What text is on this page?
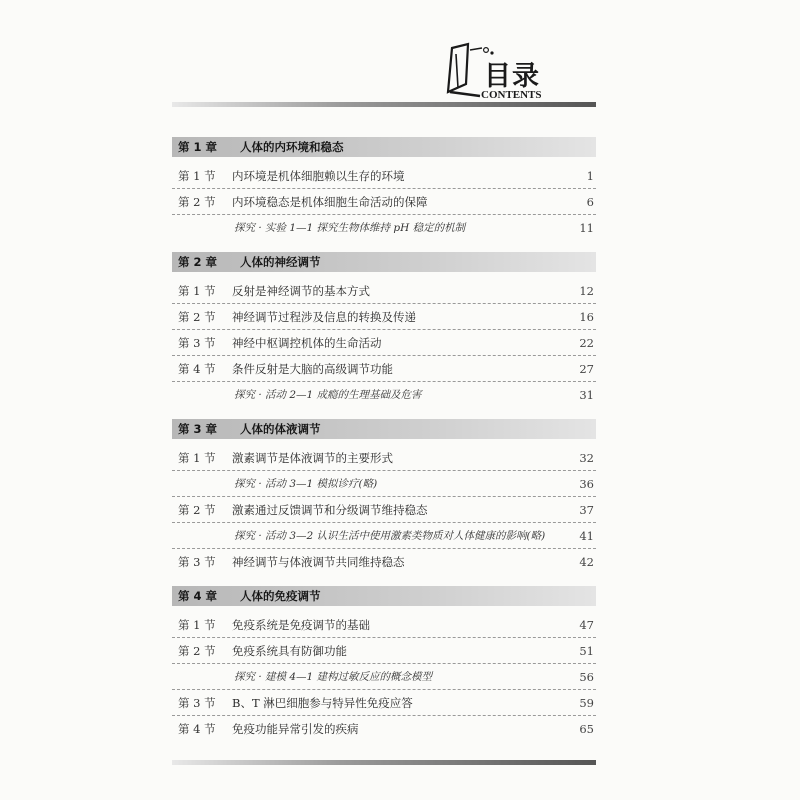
目录
CONTENTS
第 1 章	人体的内环境和稳态
第 1 节	内环境是机体细胞赖以生存的环境	1
第 2 节	内环境稳态是机体细胞生命活动的保障	6
探究 · 实验 1—1 探究生物体维持 pH 稳定的机制	11
第 2 章	人体的神经调节
第 1 节	反射是神经调节的基本方式	12
第 2 节	神经调节过程涉及信息的转换及传递	16
第 3 节	神经中枢调控机体的生命活动	22
第 4 节	条件反射是大脑的高级调节功能	27
探究 · 活动 2—1 成瘾的生理基础及危害	31
第 3 章	人体的体液调节
第 1 节	激素调节是体液调节的主要形式	32
探究 · 活动 3—1 模拟诊疗(略)	36
第 2 节	激素通过反馈调节和分级调节维持稳态	37
探究 · 活动 3—2 认识生活中使用激素类物质对人体健康的影响(略)	41
第 3 节	神经调节与体液调节共同维持稳态	42
第 4 章	人体的免疫调节
第 1 节	免疫系统是免疫调节的基础	47
第 2 节	免疫系统具有防御功能	51
探究 · 建模 4—1 建构过敏反应的概念模型	56
第 3 节	B、T 淋巴细胞参与特异性免疫应答	59
第 4 节	免疫功能异常引发的疾病	65
